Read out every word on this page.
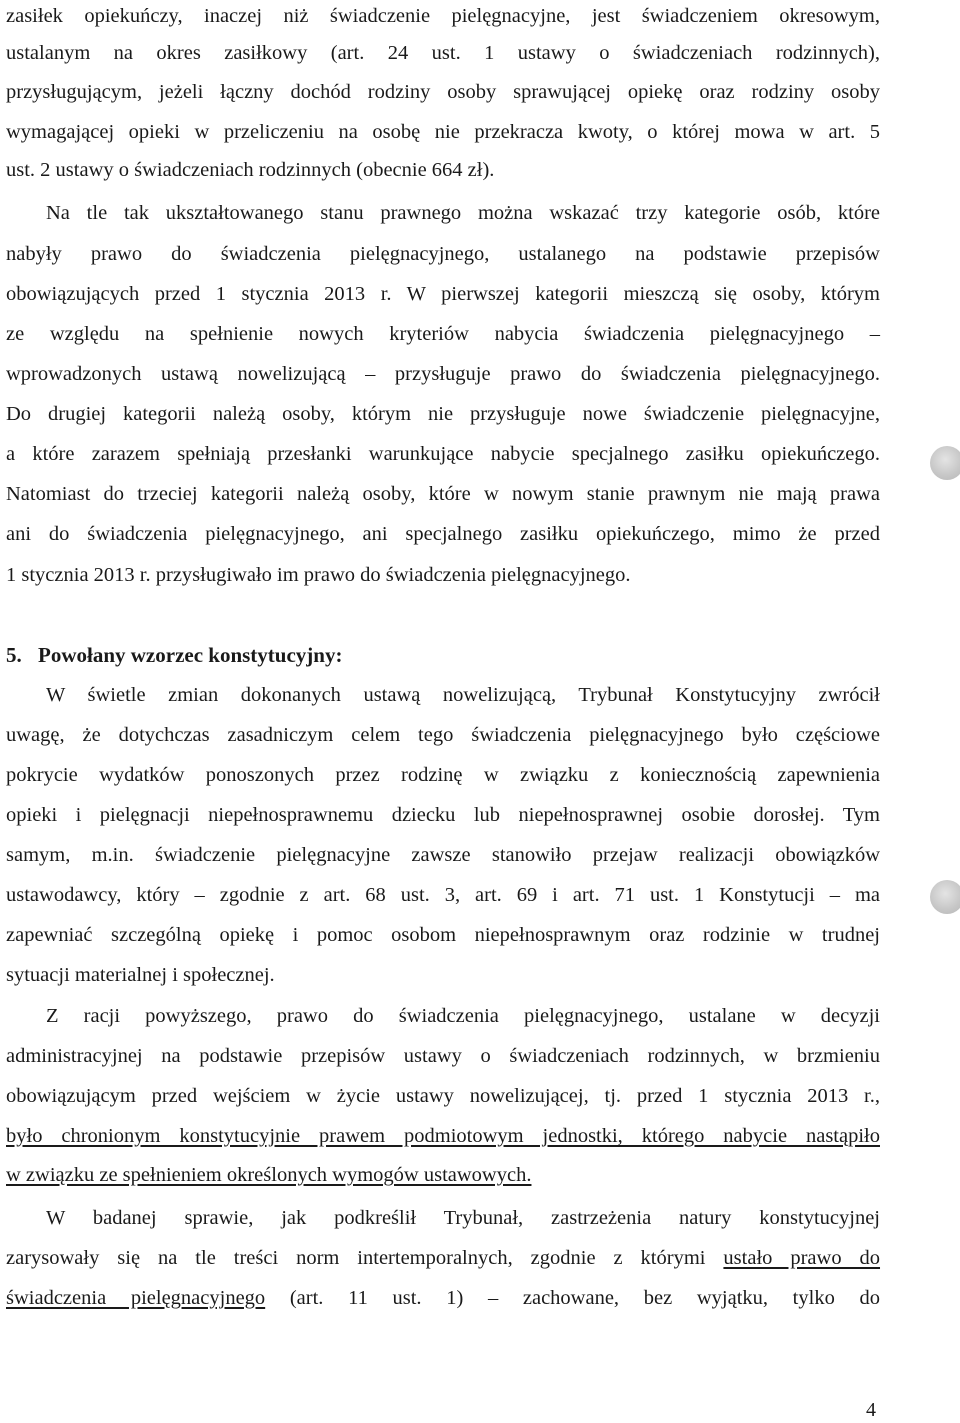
zasiłek opiekuńczy, inaczej niż świadczenie pielęgnacyjne, jest świadczeniem okresowym,
ustalanym na okres zasiłkowy (art. 24 ust. 1 ustawy o świadczeniach rodzinnych),
przysługującym, jeżeli łączny dochód rodziny osoby sprawującej opiekę oraz rodziny osoby
wymagającej opieki w przeliczeniu na osobę nie przekracza kwoty, o której mowa w art. 5
ust. 2 ustawy o świadczeniach rodzinnych (obecnie 664 zł).
Na tle tak ukształtowanego stanu prawnego można wskazać trzy kategorie osób, które
nabyły prawo do świadczenia pielęgnacyjnego, ustalanego na podstawie przepisów
obowiązujących przed 1 stycznia 2013 r. W pierwszej kategorii mieszczą się osoby, którym
ze względu na spełnienie nowych kryteriów nabycia świadczenia pielęgnacyjnego –
wprowadzonych ustawą nowelizującą – przysługuje prawo do świadczenia pielęgnacyjnego.
Do drugiej kategorii należą osoby, którym nie przysługuje nowe świadczenie pielęgnacyjne,
a które zarazem spełniają przesłanki warunkujące nabycie specjalnego zasiłku opiekuńczego.
Natomiast do trzeciej kategorii należą osoby, które w nowym stanie prawnym nie mają prawa
ani do świadczenia pielęgnacyjnego, ani specjalnego zasiłku opiekuńczego, mimo że przed
1 stycznia 2013 r. przysługiwało im prawo do świadczenia pielęgnacyjnego.
5. Powołany wzorzec konstytucyjny:
W świetle zmian dokonanych ustawą nowelizującą, Trybunał Konstytucyjny zwrócił
uwagę, że dotychczas zasadniczym celem tego świadczenia pielęgnacyjnego było częściowe
pokrycie wydatków ponoszonych przez rodzinę w związku z koniecznością zapewnienia
opieki i pielęgnacji niepełnosprawnemu dziecku lub niepełnosprawnej osobie dorosłej. Tym
samym, m.in. świadczenie pielęgnacyjne zawsze stanowiło przejaw realizacji obowiązków
ustawodawcy, który – zgodnie z art. 68 ust. 3, art. 69 i art. 71 ust. 1 Konstytucji – ma
zapewniać szczególną opiekę i pomoc osobom niepełnosprawnym oraz rodzinie w trudnej
sytuacji materialnej i społecznej.
Z racji powyższego, prawo do świadczenia pielęgnacyjnego, ustalane w decyzji
administracyjnej na podstawie przepisów ustawy o świadczeniach rodzinnych, w brzmieniu
obowiązującym przed wejściem w życie ustawy nowelizującej, tj. przed 1 stycznia 2013 r.,
było chronionym konstytucyjnie prawem podmiotowym jednostki, którego nabycie nastąpiło
w związku ze spełnieniem określonych wymogów ustawowych.
W badanej sprawie, jak podkreślił Trybunał, zastrzeżenia natury konstytucyjnej
zarysowały się na tle treści norm intertemporalnych, zgodnie z którymi ustało prawo do
świadczenia pielęgnacyjnego (art. 11 ust. 1) – zachowane, bez wyjątku, tylko do
4
